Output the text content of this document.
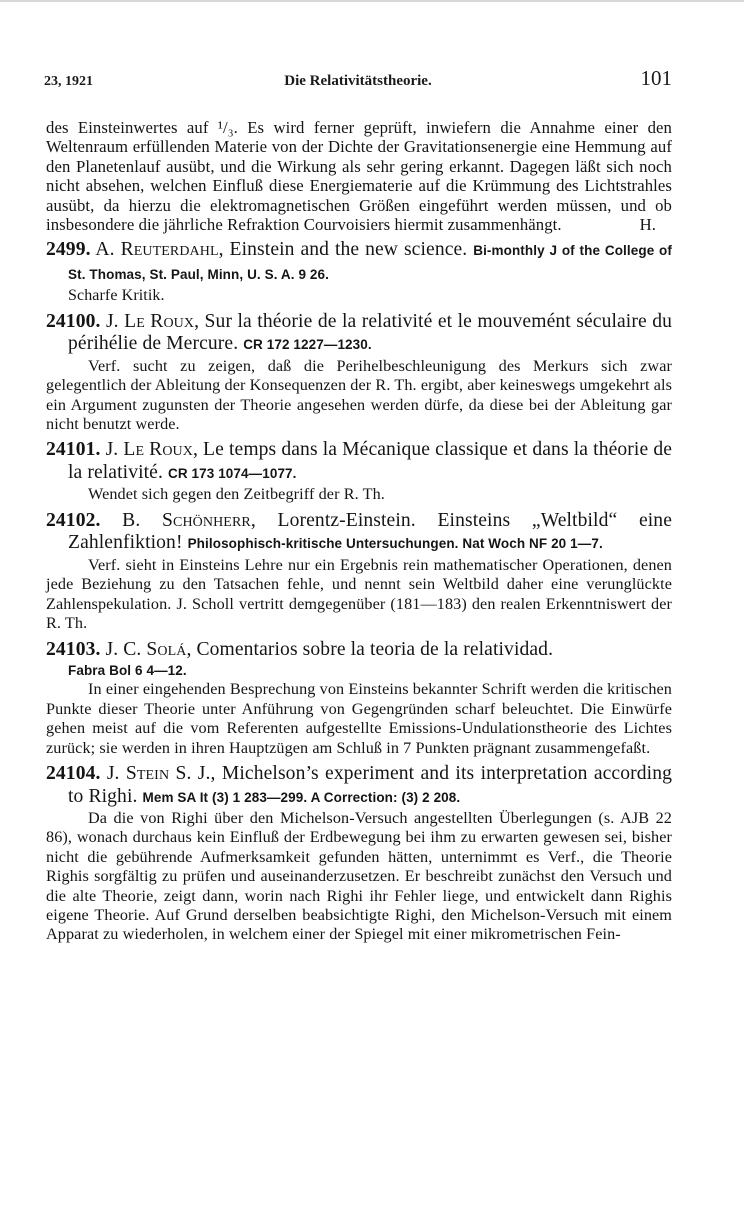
23, 1921	Die Relativitätstheorie.	101

des Einsteinwertes auf ¹/₃. Es wird ferner geprüft, inwiefern die Annahme einer den Weltenraum erfüllenden Materie von der Dichte der Gravitationsenergie eine Hemmung auf den Planetenlauf ausübt, und die Wirkung als sehr gering erkannt. Dagegen läßt sich noch nicht absehen, welchen Einfluß diese Energiematerie auf die Krümmung des Lichtstrahles ausübt, da hierzu die elektromagnetischen Größen eingeführt werden müssen, und ob insbesondere die jährliche Refraktion Courvoisiers hiermit zusammenhängt.	H.
2499. A. Reuterdahl, Einstein and the new science. Bi-monthly J of the College of St. Thomas, St. Paul, Minn, U. S. A. 9 26.
Scharfe Kritik.
24100. J. Le Roux, Sur la théorie de la relativité et le mouvemént séculaire du périhélie de Mercure. CR 172 1227—1230.

Verf. sucht zu zeigen, daß die Perihelbeschleunigung des Merkurs sich zwar gelegentlich der Ableitung der Konsequenzen der R. Th. ergibt, aber keineswegs umgekehrt als ein Argument zugunsten der Theorie angesehen werden dürfe, da diese bei der Ableitung gar nicht benutzt werde.

24101. J. Le Roux, Le temps dans la Mécanique classique et dans la théorie de la relativité. CR 173 1074—1077.

Wendet sich gegen den Zeitbegriff der R. Th.

24102. B. Schönherr, Lorentz-Einstein. Einsteins „Weltbild“ eine Zahlenfiktion! Philosophisch-kritische Untersuchungen. Nat Woch NF 20 1—7.

Verf. sieht in Einsteins Lehre nur ein Ergebnis rein mathematischer Operationen, denen jede Beziehung zu den Tatsachen fehle, und nennt sein Weltbild daher eine verunglückte Zahlenspekulation. J. Scholl vertritt demgegenüber (181—183) den realen Erkenntniswert der R. Th.

24103. J. C. Solá, Comentarios sobre la teoria de la relatividad.
Fabra Bol 6 4—12.

In einer eingehenden Besprechung von Einsteins bekannter Schrift werden die kritischen Punkte dieser Theorie unter Anführung von Gegengründen scharf beleuchtet. Die Einwürfe gehen meist auf die vom Referenten aufgestellte Emissions-Undulationstheorie des Lichtes zurück; sie werden in ihren Hauptzügen am Schluß in 7 Punkten prägnant zusammengefaßt.

24104. J. Stein S. J., Michelson’s experiment and its interpretation according to Righi. Mem SA It (3) 1 283—299. A Correction: (3) 2 208.

Da die von Righi über den Michelson-Versuch angestellten Überlegungen (s. AJB 22 86), wonach durchaus kein Einfluß der Erdbewegung bei ihm zu erwarten gewesen sei, bisher nicht die gebührende Aufmerksamkeit gefunden hätten, unternimmt es Verf., die Theorie Righis sorgfältig zu prüfen und auseinanderzusetzen. Er beschreibt zunächst den Versuch und die alte Theorie, zeigt dann, worin nach Righi ihr Fehler liege, und entwickelt dann Righis eigene Theorie. Auf Grund derselben beabsichtigte Righi, den Michelson-Versuch mit einem Apparat zu wiederholen, in welchem einer der Spiegel mit einer mikrometrischen Fein-
